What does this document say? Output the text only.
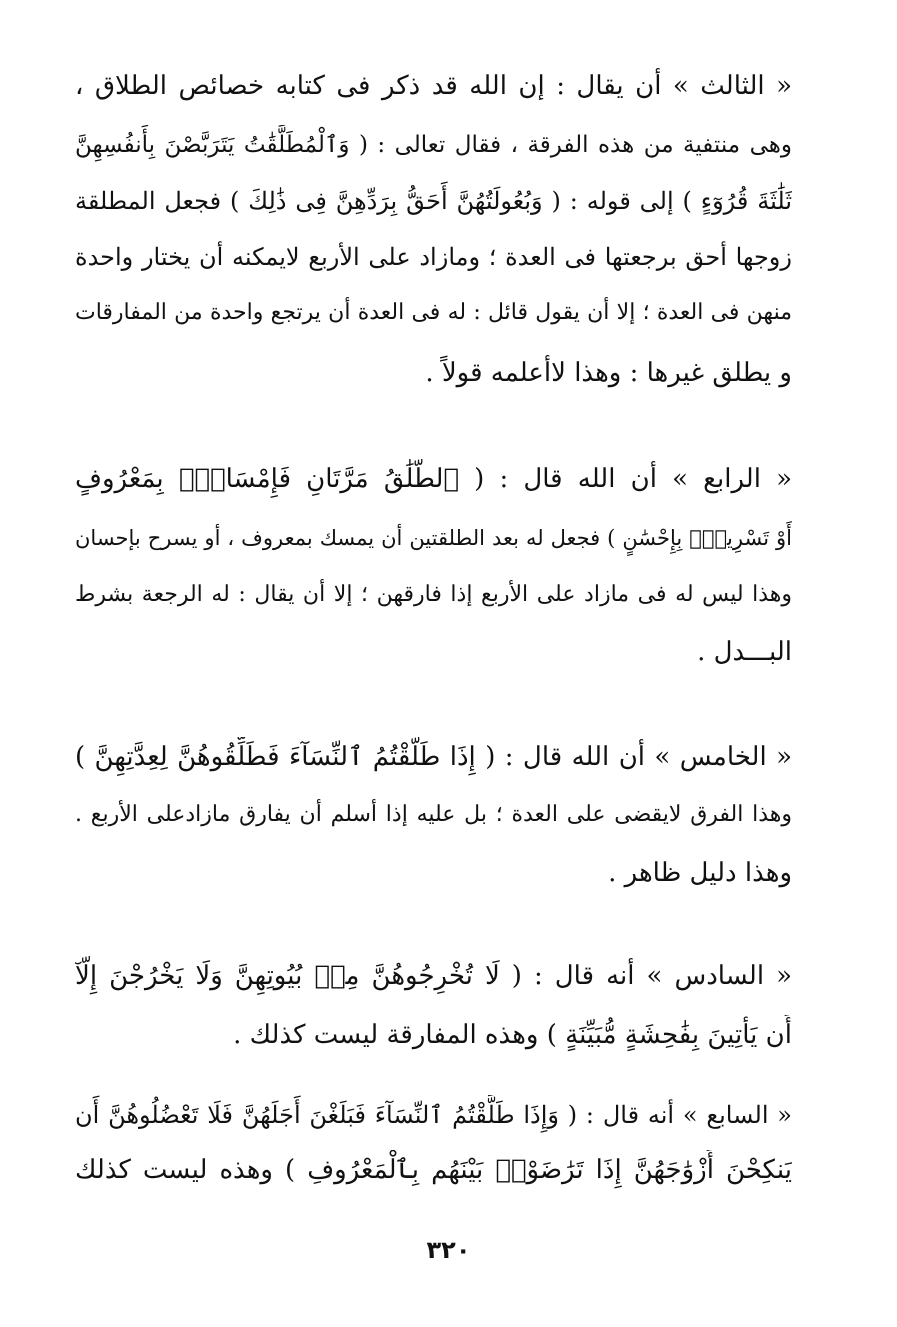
« الثالث » أن يقال : إن الله قد ذكر فى كتابه خصائص الطلاق ،
وهى منتفية من هذه الفرقة ، فقال تعالى : ( وَٱلْمُطَلَّقَٰتُ يَتَرَبَّصْنَ بِأَنفُسِهِنَّ
ثَلَٰثَةَ قُرُوٓءٍ ) إلى قوله : ( وَبُعُولَتُهُنَّ أَحَقُّ بِرَدِّهِنَّ فِى ذَٰلِكَ ) فجعل المطلقة
زوجها أحق برجعتها فى العدة ؛ ومازاد على الأربع لايمكنه أن يختار واحدة
منهن فى العدة ؛ إلا أن يقول قائل : له فى العدة أن يرتجع واحدة من المفارقات
و يطلق غيرها : وهذا لاأعلمه قولاً .
« الرابع » أن الله قال : ( ٱلطَّلَٰقُ مَرَّتَانِ فَإِمْسَاكٌۢ بِمَعْرُوفٍ
أَوْ تَسْرِيحٌۢ بِإِحْسَٰنٍ ) فجعل له بعد الطلقتين أن يمسك بمعروف ، أو يسرح بإحسان
وهذا ليس له فى مازاد على الأربع إذا فارقهن ؛ إلا أن يقال : له الرجعة بشرط
البـــدل .
« الخامس » أن الله قال : ( إِذَا طَلَّقْتُمُ ٱلنِّسَآءَ فَطَلِّقُوهُنَّ لِعِدَّتِهِنَّ )
وهذا الفرق لايقضى على العدة ؛ بل عليه إذا أسلم أن يفارق مازادعلى الأربع .
وهذا دليل ظاهر .
« السادس » أنه قال : ( لَا تُخْرِجُوهُنَّ مِنۢ بُيُوتِهِنَّ وَلَا يَخْرُجْنَ إِلَّآ
أَن يَأْتِينَ بِفَٰحِشَةٍ مُّبَيِّنَةٍ ) وهذه المفارقة ليست كذلك .
« السابع » أنه قال : ( وَإِذَا طَلَّقْتُمُ ٱلنِّسَآءَ فَبَلَغْنَ أَجَلَهُنَّ فَلَا تَعْضُلُوهُنَّ أَن
يَنكِحْنَ أَزْوَٰجَهُنَّ إِذَا تَرَٰضَوْا۟ بَيْنَهُم بِٱلْمَعْرُوفِ ) وهذه ليست كذلك
٣٢٠
